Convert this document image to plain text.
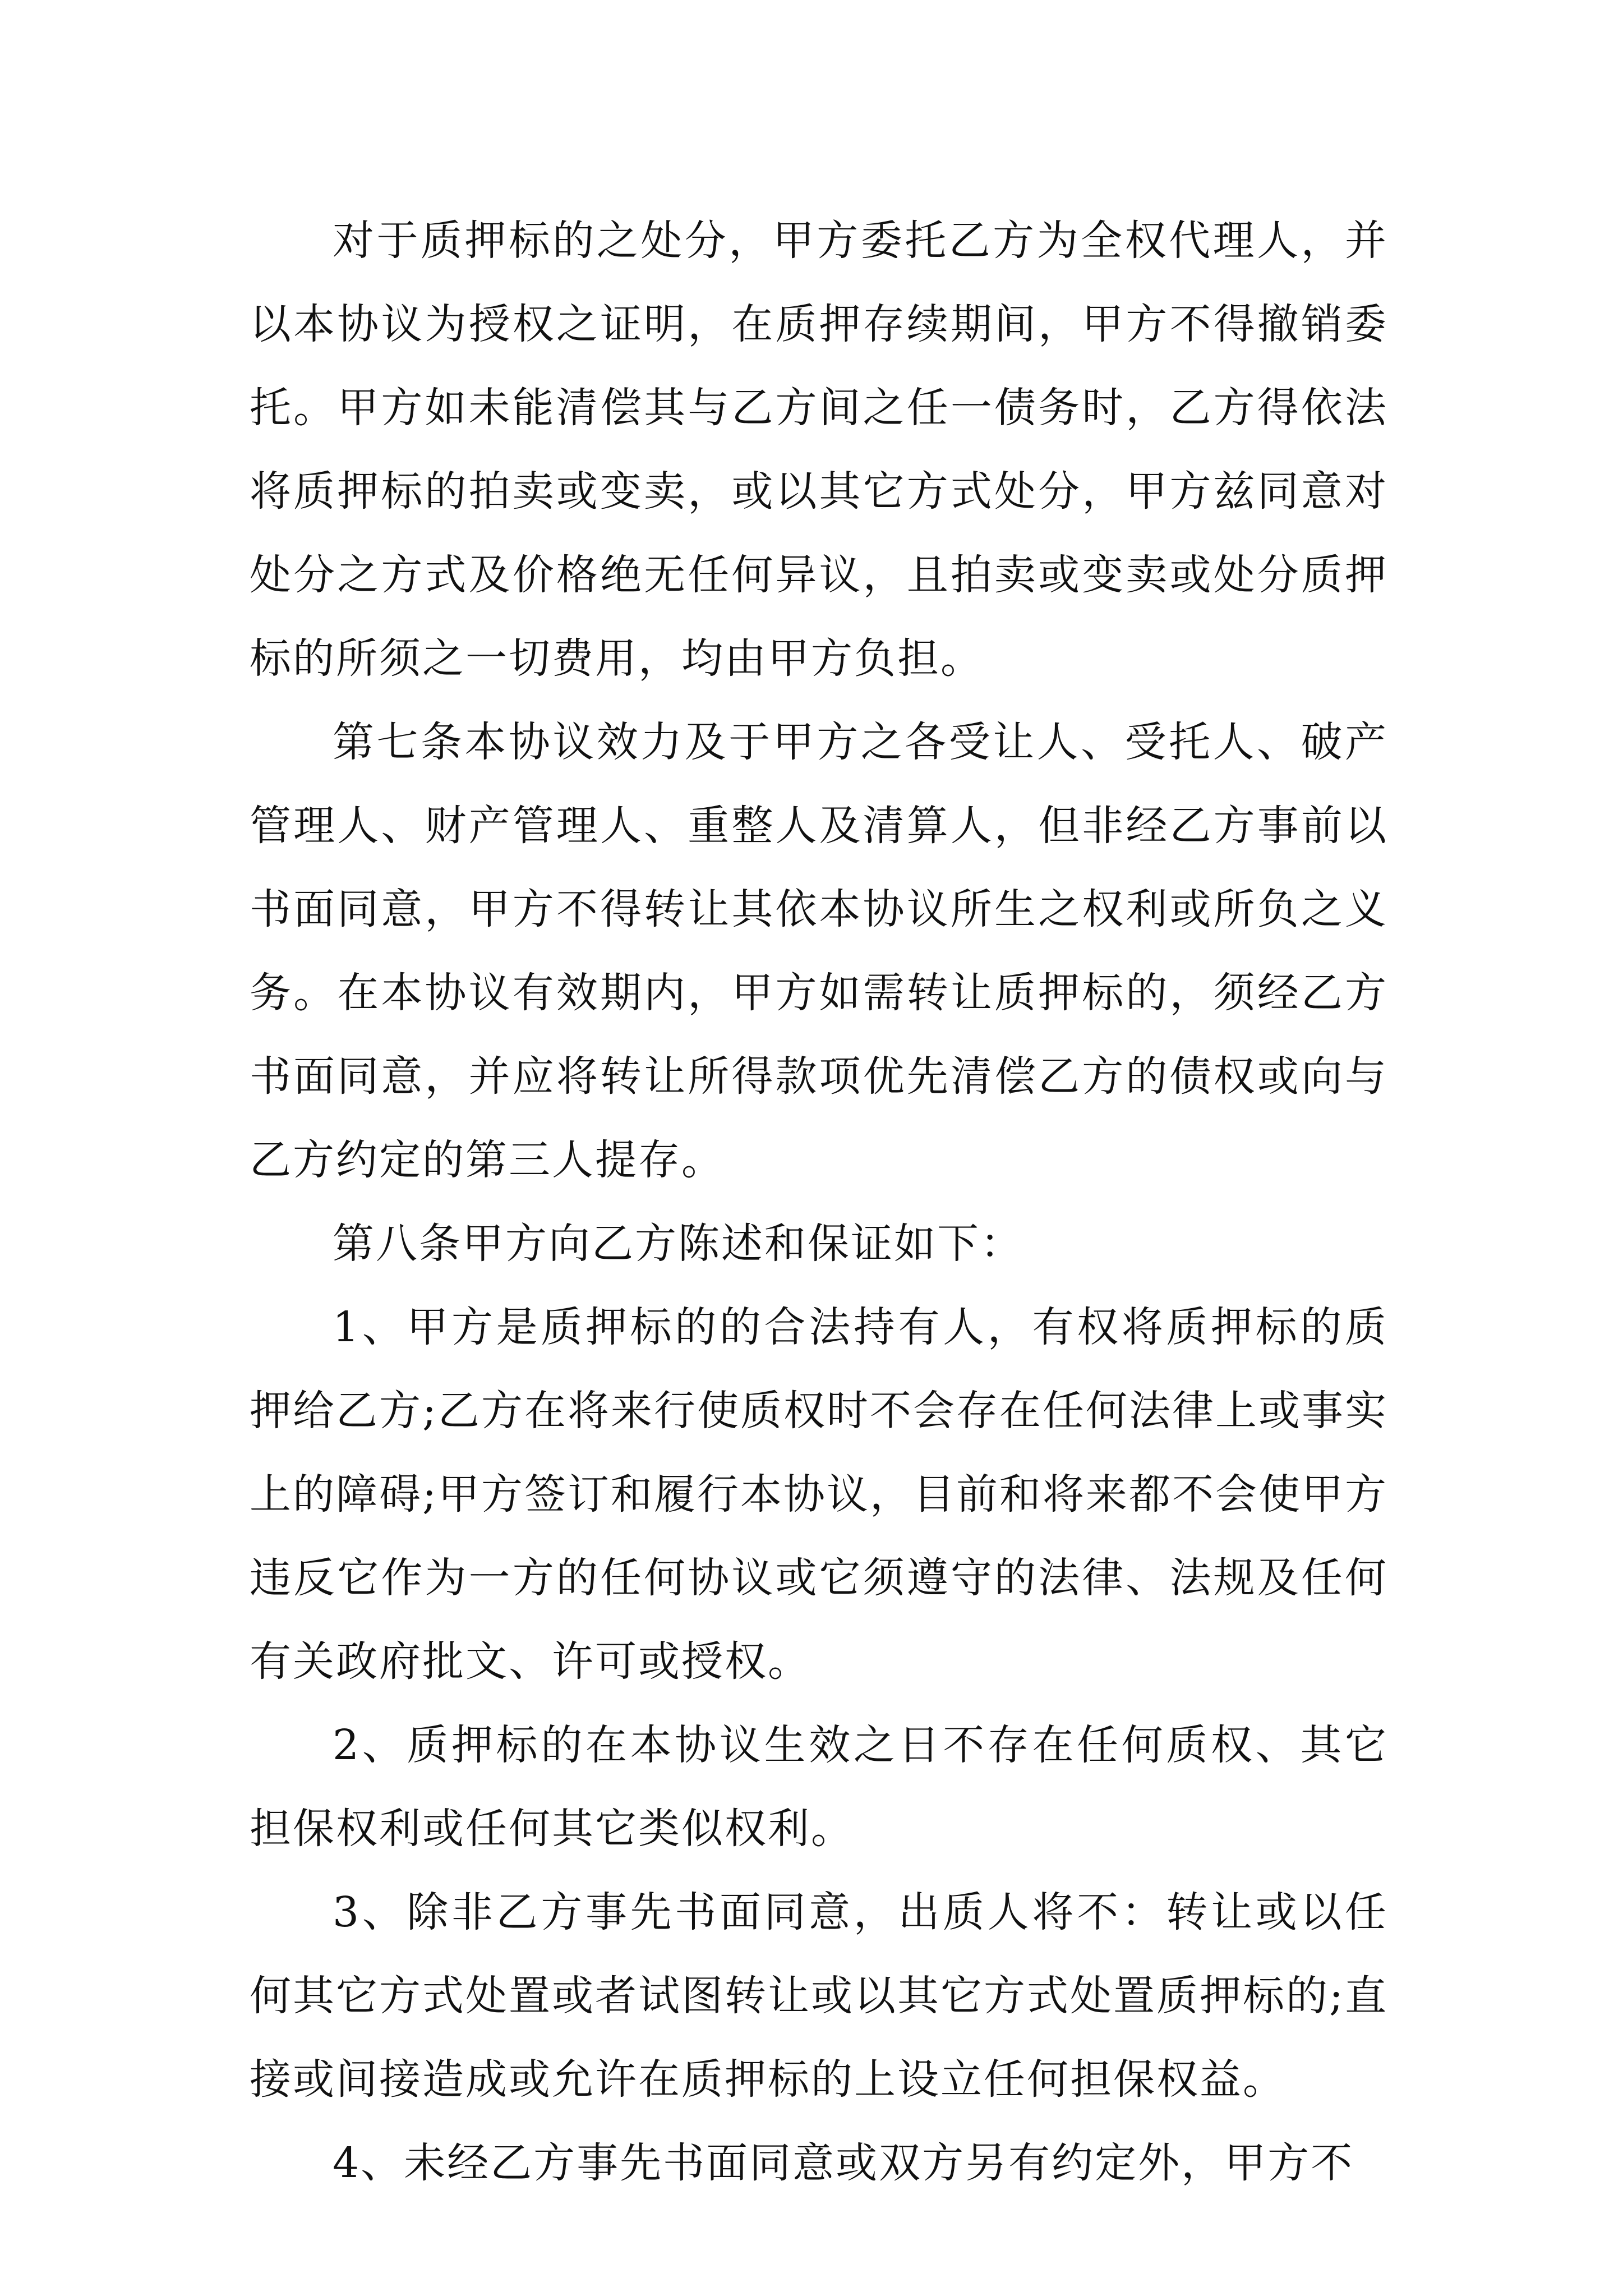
对于质押标的之处分，甲方委托乙方为全权代理人，并以本协议为授权之证明，在质押存续期间，甲方不得撤销委托。甲方如未能清偿其与乙方间之任一债务时，乙方得依法将质押标的拍卖或变卖，或以其它方式处分，甲方兹同意对处分之方式及价格绝无任何异议，且拍卖或变卖或处分质押标的所须之一切费用，均由甲方负担。

第七条本协议效力及于甲方之各受让人、受托人、破产管理人、财产管理人、重整人及清算人，但非经乙方事前以书面同意，甲方不得转让其依本协议所生之权利或所负之义务。在本协议有效期内，甲方如需转让质押标的，须经乙方书面同意，并应将转让所得款项优先清偿乙方的债权或向与乙方约定的第三人提存。

第八条甲方向乙方陈述和保证如下：

1、甲方是质押标的的合法持有人，有权将质押标的质押给乙方;乙方在将来行使质权时不会存在任何法律上或事实上的障碍;甲方签订和履行本协议，目前和将来都不会使甲方违反它作为一方的任何协议或它须遵守的法律、法规及任何有关政府批文、许可或授权。

2、质押标的在本协议生效之日不存在任何质权、其它担保权利或任何其它类似权利。

3、除非乙方事先书面同意，出质人将不：转让或以任何其它方式处置或者试图转让或以其它方式处置质押标的;直接或间接造成或允许在质押标的上设立任何担保权益。

4、未经乙方事先书面同意或双方另有约定外，甲方不
